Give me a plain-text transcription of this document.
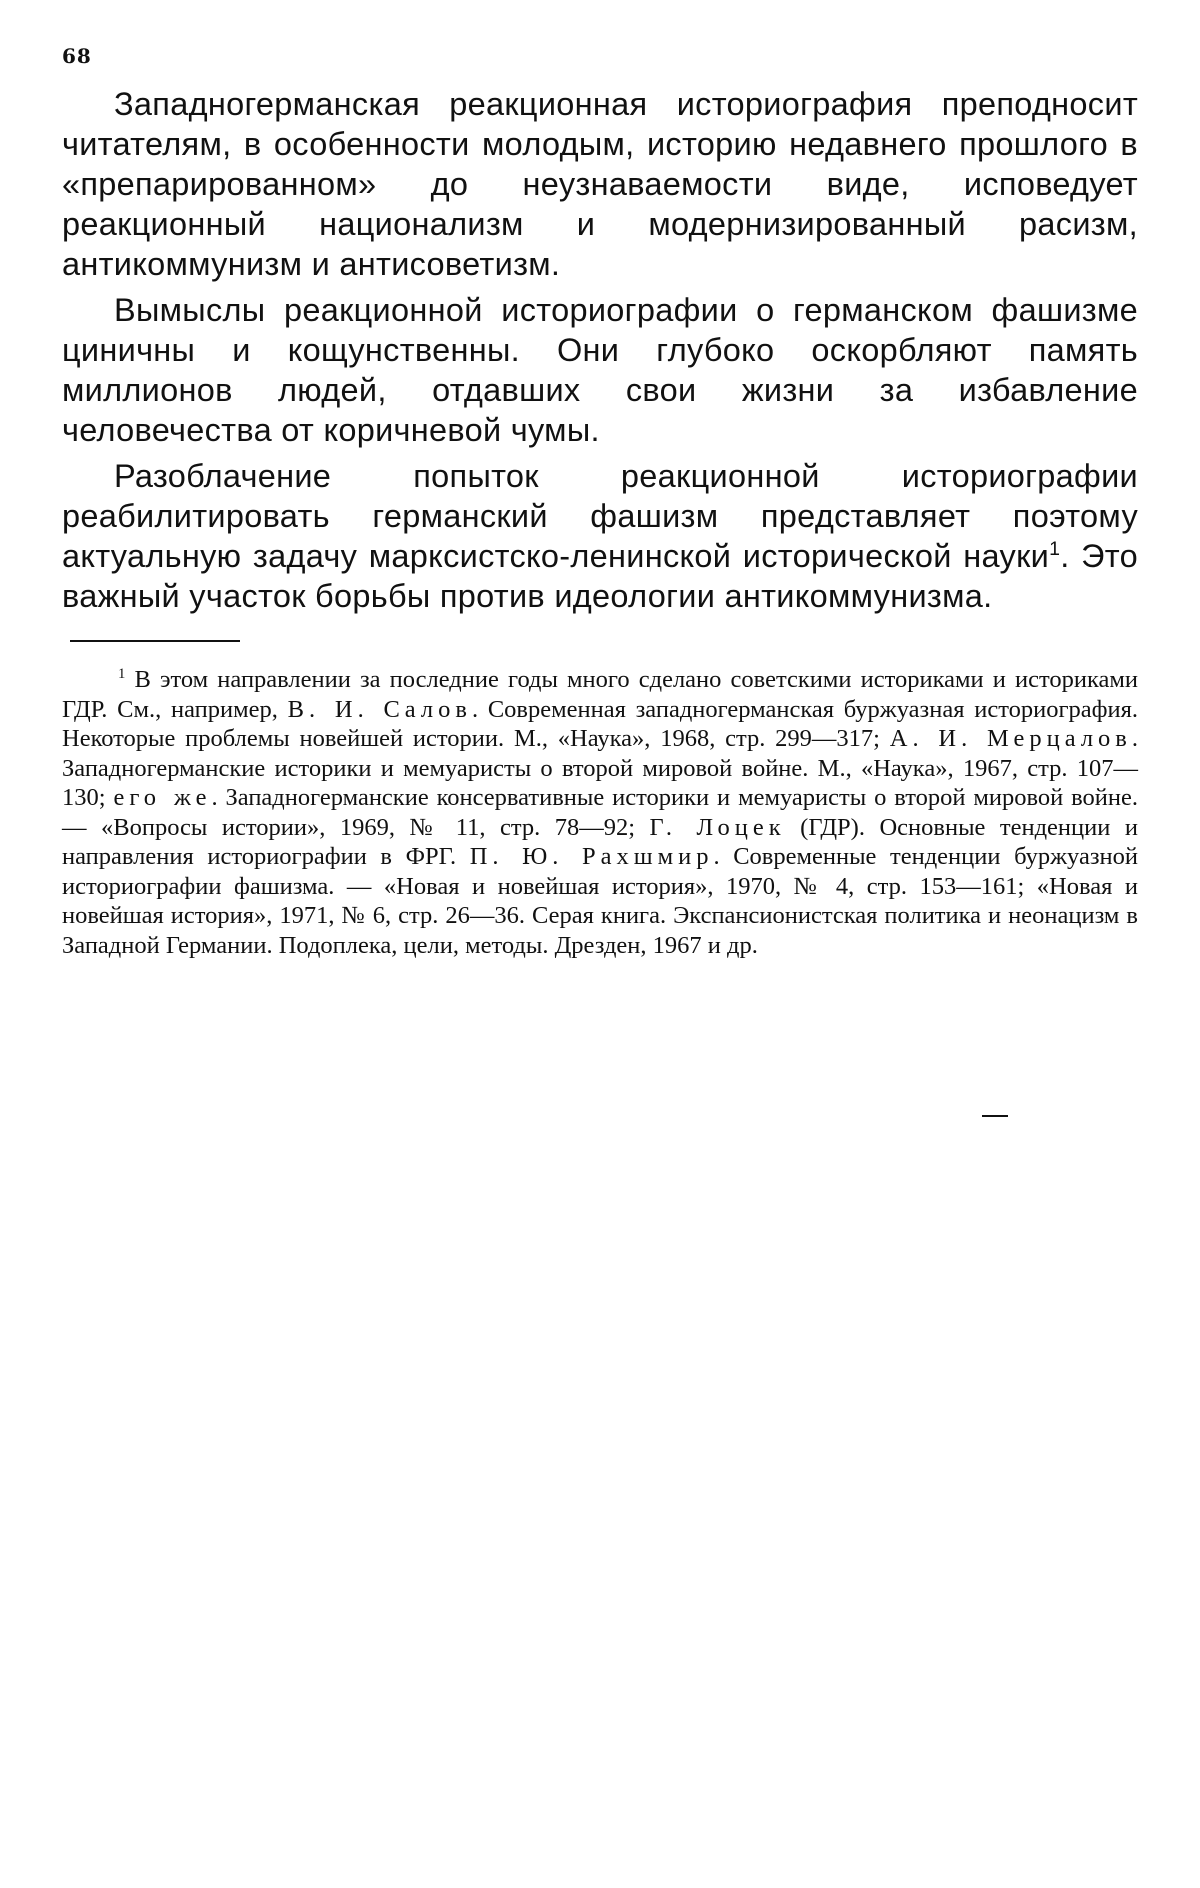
68

Западногерманская реакционная историография преподносит читателям, в особенности молодым, историю недавнего прошлого в «препарированном» до неузнаваемости виде, исповедует реакционный национализм и модернизированный расизм, антикоммунизм и антисоветизм.

Вымыслы реакционной историографии о германском фашизме циничны и кощунственны. Они глубоко оскорбляют память миллионов людей, отдавших свои жизни за избавление человечества от коричневой чумы.

Разоблачение попыток реакционной историографии реабилитировать германский фашизм представляет поэтому актуальную задачу марксистско-ленинской исторической науки$^1$. Это важный участок борьбы против идеологии антикоммунизма.

$^1$ В этом направлении за последние годы много сделано советскими историками и историками ГДР. См., например, В. И. Салов. Современная западногерманская буржуазная историография. Некоторые проблемы новейшей истории. М., «Наука», 1968, стр. 299—317; А. И. Мерцалов. Западногерманские историки и мемуаристы о второй мировой войне. М., «Наука», 1967, стр. 107—130; его же. Западногерманские консервативные историки и мемуаристы о второй мировой войне. — «Вопросы истории», 1969, № 11, стр. 78—92; Г. Лоцек (ГДР). Основные тенденции и направления историографии в ФРГ. П. Ю. Рахшмир. Современные тенденции буржуазной историографии фашизма. — «Новая и новейшая история», 1970, № 4, стр. 153—161; «Новая и новейшая история», 1971, № 6, стр. 26—36. Серая книга. Экспансионистская политика и неонацизм в Западной Германии. Подоплека, цели, методы. Дрезден, 1967 и др.
